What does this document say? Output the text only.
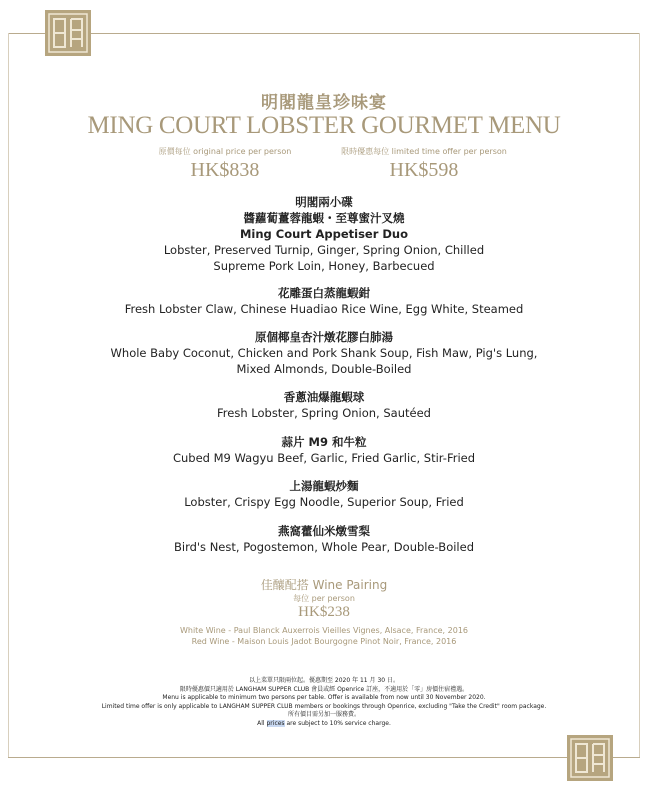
明閣龍皇珍味宴
MING COURT LOBSTER GOURMET MENU
原價每位 original price per person
HK$838
限時優惠每位 limited time offer per person
HK$598
明閣兩小碟
醬蘿蔔薑蓉龍蝦・至尊蜜汁叉燒
Ming Court Appetiser Duo
Lobster, Preserved Turnip, Ginger, Spring Onion, Chilled
Supreme Pork Loin, Honey, Barbecued
花雕蛋白蒸龍蝦鉗
Fresh Lobster Claw, Chinese Huadiao Rice Wine, Egg White, Steamed
原個椰皇杏汁燉花膠白肺湯
Whole Baby Coconut, Chicken and Pork Shank Soup, Fish Maw, Pig's Lung,
Mixed Almonds, Double-Boiled
香蔥油爆龍蝦球
Fresh Lobster, Spring Onion, Sautéed
蒜片 M9 和牛粒
Cubed M9 Wagyu Beef, Garlic, Fried Garlic, Stir-Fried
上湯龍蝦炒麵
Lobster, Crispy Egg Noodle, Superior Soup, Fried
燕窩藿仙米燉雪梨
Bird's Nest, Pogostemon, Whole Pear, Double-Boiled
佳釀配搭 Wine Pairing
每位 per person
HK$238
White Wine - Paul Blanck Auxerrois Vieilles Vignes, Alsace, France, 2016
Red Wine - Maison Louis Jadot Bourgogne Pinot Noir, France, 2016
以上菜單只限兩位起。優惠期至 2020 年 11 月 30 日。
限時優惠價只適用於 LANGHAM SUPPER CLUB 會員或經 Openrice 訂座，不適用於「零」房價住宿禮遇。
Menu is applicable to minimum two persons per table. Offer is available from now until 30 November 2020.
Limited time offer is only applicable to LANGHAM SUPPER CLUB members or bookings through Openrice, excluding "Take the Credit" room package.
所有價目需另加一服務費。
All prices are subject to 10% service charge.
